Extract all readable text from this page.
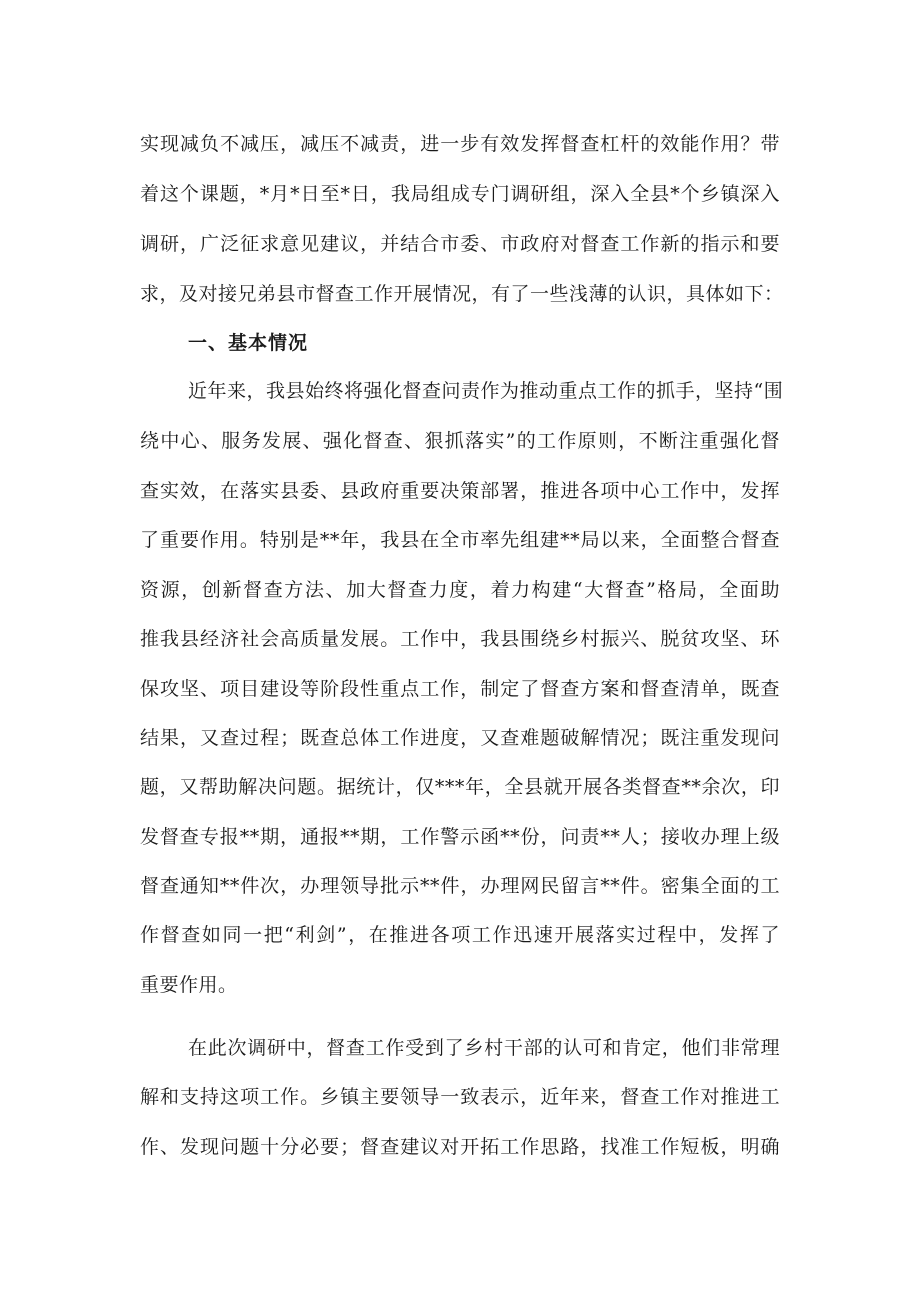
实现减负不减压，减压不减责，进一步有效发挥督查杠杆的效能作用？带
着这个课题，*月*日至*日，我局组成专门调研组，深入全县*个乡镇深入
调研，广泛征求意见建议，并结合市委、市政府对督查工作新的指示和要
求，及对接兄弟县市督查工作开展情况，有了一些浅薄的认识，具体如下：
一、基本情况
近年来，我县始终将强化督查问责作为推动重点工作的抓手，坚持“围
绕中心、服务发展、强化督查、狠抓落实”的工作原则，不断注重强化督
查实效，在落实县委、县政府重要决策部署，推进各项中心工作中，发挥
了重要作用。特别是**年，我县在全市率先组建**局以来，全面整合督查
资源，创新督查方法、加大督查力度，着力构建“大督查”格局，全面助
推我县经济社会高质量发展。工作中，我县围绕乡村振兴、脱贫攻坚、环
保攻坚、项目建设等阶段性重点工作，制定了督查方案和督查清单，既查
结果，又查过程；既查总体工作进度，又查难题破解情况；既注重发现问
题，又帮助解决问题。据统计，仅***年，全县就开展各类督查**余次，印
发督查专报**期，通报**期，工作警示函**份，问责**人；接收办理上级
督查通知**件次，办理领导批示**件，办理网民留言**件。密集全面的工
作督查如同一把“利剑”，在推进各项工作迅速开展落实过程中，发挥了
重要作用。
在此次调研中，督查工作受到了乡村干部的认可和肯定，他们非常理
解和支持这项工作。乡镇主要领导一致表示，近年来，督查工作对推进工
作、发现问题十分必要；督查建议对开拓工作思路，找准工作短板，明确
